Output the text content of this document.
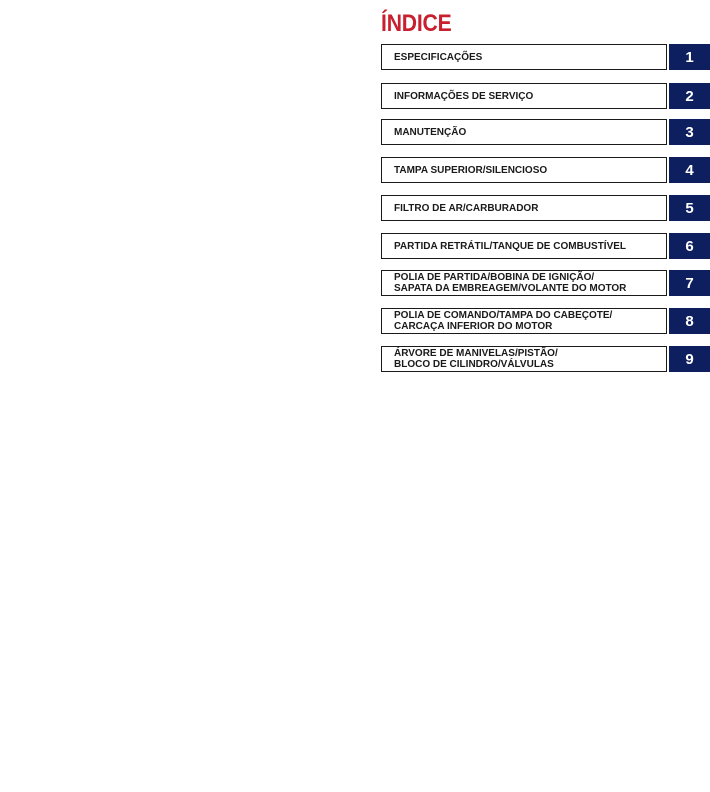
ÍNDICE
ESPECIFICAÇÕES	1
INFORMAÇÕES DE SERVIÇO	2
MANUTENÇÃO	3
TAMPA SUPERIOR/SILENCIOSO	4
FILTRO DE AR/CARBURADOR	5
PARTIDA RETRÁTIL/TANQUE DE COMBUSTÍVEL	6
POLIA DE PARTIDA/BOBINA DE IGNIÇÃO/
SAPATA DA EMBREAGEM/VOLANTE DO MOTOR	7
POLIA DE COMANDO/TAMPA DO CABEÇOTE/
CARCAÇA INFERIOR DO MOTOR	8
ÁRVORE DE MANIVELAS/PISTÃO/
BLOCO DE CILINDRO/VÁLVULAS	9
